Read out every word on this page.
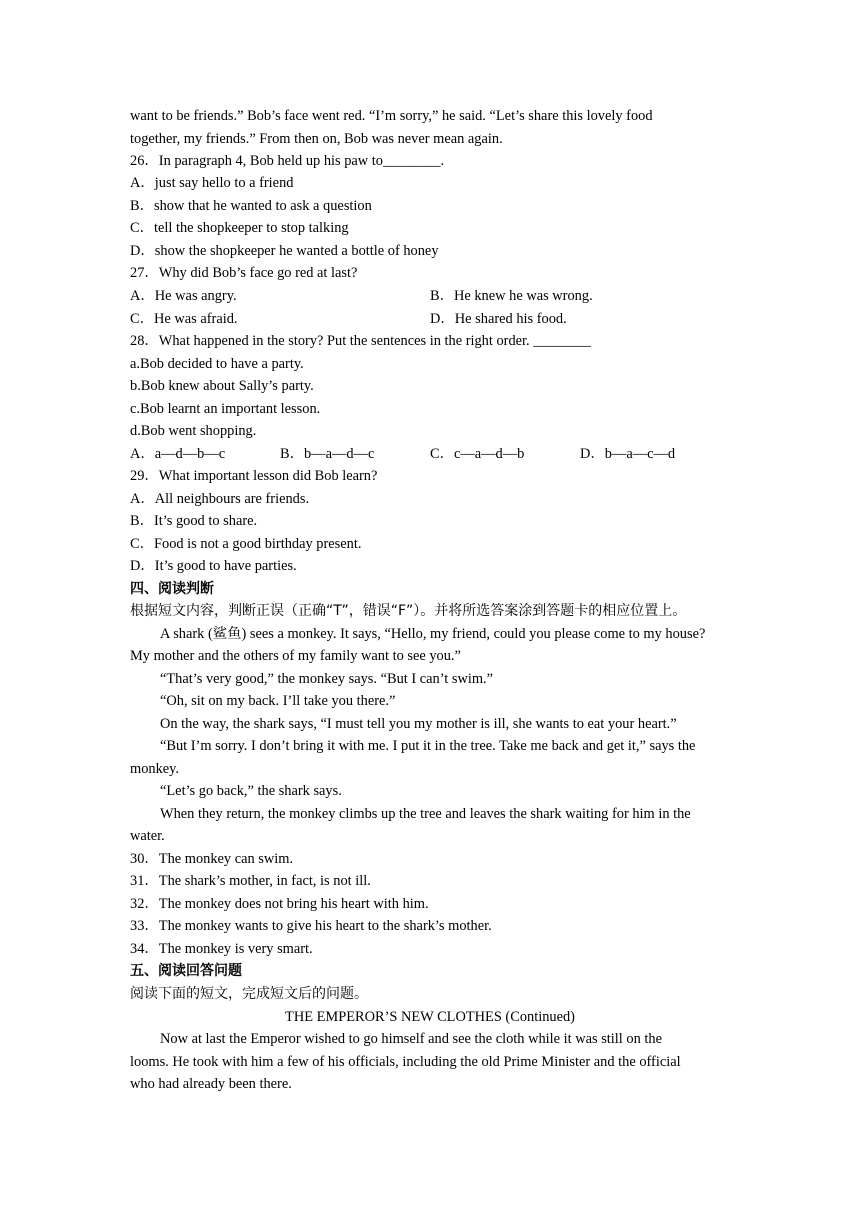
want to be friends.” Bob’s face went red. “I’m sorry,” he said. “Let’s share this lovely food
together, my friends.” From then on, Bob was never mean again.
26．In paragraph 4, Bob held up his paw to________.
A．just say hello to a friend
B．show that he wanted to ask a question
C．tell the shopkeeper to stop talking
D．show the shopkeeper he wanted a bottle of honey
27．Why did Bob’s face go red at last?
A．He was angry.	B．He knew he was wrong.
C．He was afraid.	D．He shared his food.
28．What happened in the story? Put the sentences in the right order. ________
a.Bob decided to have a party.
b.Bob knew about Sally’s party.
c.Bob learnt an important lesson.
d.Bob went shopping.
A．a—d—b—c	B．b—a—d—c	C．c—a—d—b	D．b—a—c—d
29．What important lesson did Bob learn?
A．All neighbours are friends.
B．It’s good to share.
C．Food is not a good birthday present.
D．It’s good to have parties.
四、阅读判断
根据短文内容，判断正误（正确“T”，错误“F”）。并将所选答案涂到答题卡的相应位置上。
A shark (鲨鱼) sees a monkey. It says, “Hello, my friend, could you please come to my house?
My mother and the others of my family want to see you.”
“That’s very good,” the monkey says. “But I can’t swim.”
“Oh, sit on my back. I’ll take you there.”
On the way, the shark says, “I must tell you my mother is ill, she wants to eat your heart.”
“But I’m sorry. I don’t bring it with me. I put it in the tree. Take me back and get it,” says the
monkey.
“Let’s go back,” the shark says.
When they return, the monkey climbs up the tree and leaves the shark waiting for him in the
water.
30．The monkey can swim.
31．The shark’s mother, in fact, is not ill.
32．The monkey does not bring his heart with him.
33．The monkey wants to give his heart to the shark’s mother.
34．The monkey is very smart.
五、阅读回答问题
阅读下面的短文，完成短文后的问题。
THE EMPEROR’S NEW CLOTHES (Continued)
Now at last the Emperor wished to go himself and see the cloth while it was still on the
looms. He took with him a few of his officials, including the old Prime Minister and the official
who had already been there.
